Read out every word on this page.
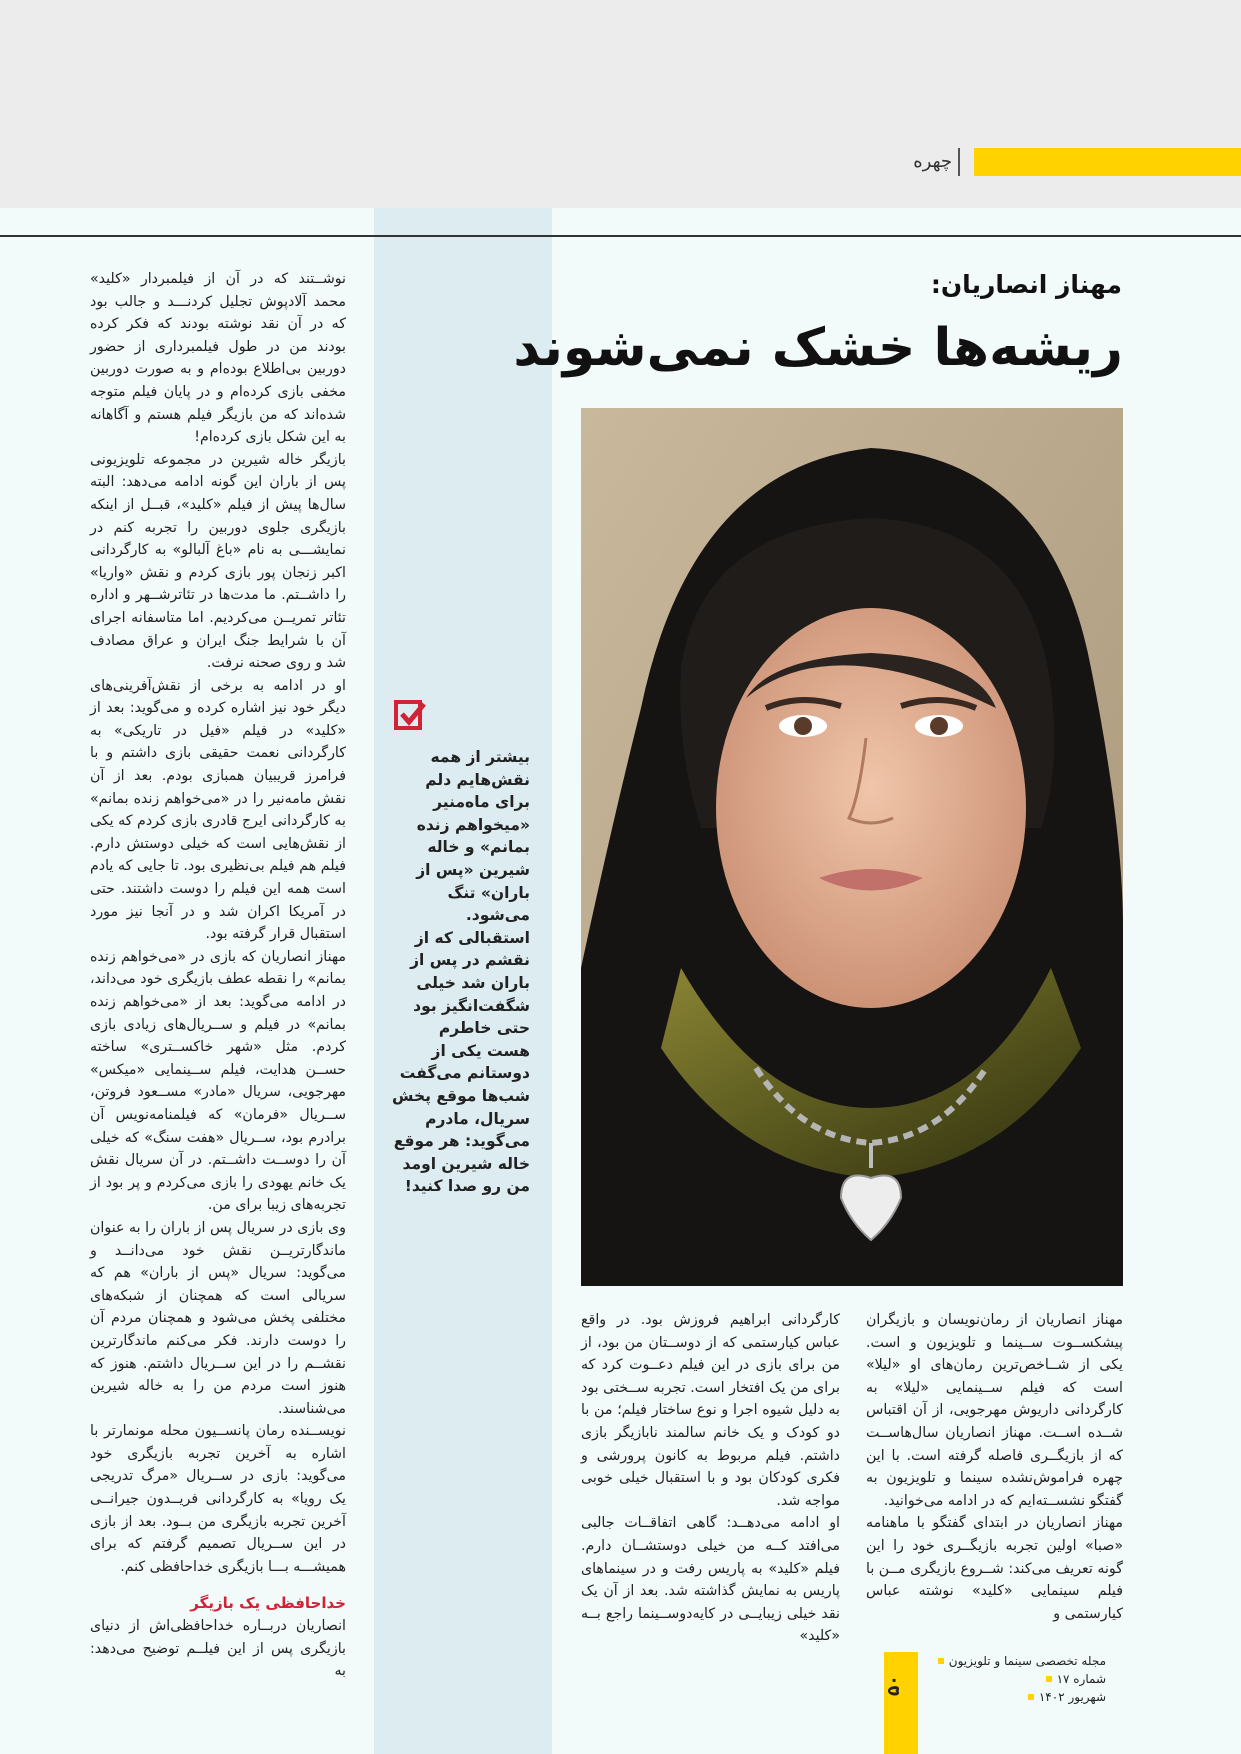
چهره
مهناز انصاریان:
ریشه‌ها خشک نمی‌شوند

نوشــتند که در آن از فیلمبردار «کلید» محمد آلادپوش تجلیل کردنـــد و جالب بود که در آن نقد نوشته بودند که فکر کرده بودند من در طول فیلمبرداری از حضور دوربین بی‌اطلاع بوده‌ام و به صورت دوربین مخفی بازی کرده‌ام و در پایان فیلم متوجه شده‌اند که من بازیگر فیلم هستم و آگاهانه به این شکل بازی کرده‌ام!

بازیگر خاله شیرین در مجموعه تلویزیونی پس از باران این گونه ادامه می‌دهد: البته سال‌ها پیش از فیلم «کلید»، قبــل از اینکه بازیگری جلوی دوربین را تجربه کنم در نمایشـــی به نام «باغ آلبالو» به کارگردانی اکبر زنجان پور بازی کردم و نقش «واریا» را داشــتم. ما مدت‌ها در تئاترشــهر و اداره تئاتر تمریــن می‌کردیم. اما متاسفانه اجرای آن با شرایط جنگ ایران و عراق مصادف شد و روی صحنه نرفت.

او در ادامه به برخی از نقش‌آفرینی‌های دیگر خود نیز اشاره کرده و می‌گوید: بعد از «کلید» در فیلم «فیل در تاریکی» به کارگردانی نعمت حقیقی بازی داشتم و با فرامرز قریبیان همبازی بودم. بعد از آن نقش مامه‌نیر را در «می‌خواهم زنده بمانم» به کارگردانی ایرج قادری بازی کردم که یکی از نقش‌هایی است که خیلی دوستش دارم. فیلم هم فیلم بی‌نظیری بود. تا جایی که یادم است همه این فیلم را دوست داشتند. حتی در آمریکا اکران شد و در آنجا نیز مورد استقبال قرار گرفته بود.

مهناز انصاریان که بازی در «می‌خواهم زنده بمانم» را نقطه عطف بازیگری خود می‌داند، در ادامه می‌گوید: بعد از «می‌خواهم زنده بمانم» در فیلم و ســریال‌های زیادی بازی کردم. مثل «شهر خاکســتری» ساخته حســن هدایت، فیلم ســینمایی «میکس» مهرجویی، سریال «مادر» مســعود فروتن، ســریال «فرمان» که فیلمنامه‌نویس آن برادرم بود، ســریال «هفت سنگ» که خیلی آن را دوســت داشــتم. در آن سریال نقش یک خانم یهودی را بازی می‌کردم و پر بود از تجربه‌های زیبا برای من.

وی بازی در سریال پس از باران را به عنوان ماندگارتریــن نقش خود می‌دانــد و می‌گوید: سریال «پس از باران» هم که سریالی است که همچنان از شبکه‌های مختلفی پخش می‌شود و همچنان مردم آن را دوست دارند. فکر می‌کنم ماندگارترین نقشــم را در این ســریال داشتم. هنوز که هنوز است مردم من را به خاله شیرین می‌شناسند.

نویســنده رمان پانســیون محله مونمارتر با اشاره به آخرین تجربه بازیگری خود می‌گوید: بازی در ســریال «مرگ تدریجی یک رویا» به کارگردانی فریــدون جیرانــی آخرین تجربه بازیگری من بــود. بعد از بازی در این ســریال تصمیم گرفتم که برای همیشـــه بـــا بازیگری خداحافظی کنم.

خداحافظی یک بازیگر

انصاریان دربــاره خداحافظی‌اش از دنیای بازیگری پس از این فیلــم توضیح می‌دهد: به

کارگردانی ابراهیم فروزش بود. در واقع عباس کیارستمی که از دوســتان من بود، از من برای بازی در این فیلم دعــوت کرد که برای من یک افتخار است. تجربه ســختی بود به دلیل شیوه اجرا و نوع ساختار فیلم؛ من با دو کودک و یک خانم سالمند نابازیگر بازی داشتم. فیلم مربوط به کانون پرورشی و فکری کودکان بود و با استقبال خیلی خوبی مواجه شد.

او ادامه می‌دهــد: گاهی اتفاقــات جالبی می‌افتد کــه من خیلی دوستشــان دارم. فیلم «کلید» به پاریس رفت و در سینماهای پاریس به نمایش گذاشته شد. بعد از آن یک نقد خیلی زیبایــی در کایه‌دوســینما راجع بــه «کلید»

مهناز انصاریان از رمان‌نویسان و بازیگران پیشکســوت ســینما و تلویزیون و است. یکی از شــاخص‌ترین رمان‌های او «لیلا» است که فیلم ســینمایی «لیلا» به کارگردانی داریوش مهرجویی، از آن اقتباس شــده اســت. مهناز انصاریان سال‌هاســت که از بازیگــری فاصله گرفته است. با این چهره فراموش‌نشده سینما و تلویزیون به گفتگو نشســته‌ایم که در ادامه می‌خوانید.

مهناز انصاریان در ابتدای گفتگو با ماهنامه «صبا» اولین تجربه بازیگــری خود را این گونه تعریف می‌کند: شــروع بازیگری مــن با فیلم سینمایی «کلید» نوشته عباس کیارستمی و

بیشتر از همه نقش‌هایم دلم برای ماه‌منیر «میخواهم زنده بمانم» و خاله شیرین «پس از باران» تنگ می‌شود. استقبالی که از نقشم در پس از باران شد خیلی شگفت‌انگیز بود حتی خاطرم هست یکی از دوستانم می‌گفت شب‌ها موقع پخش سریال، مادرم می‌گوید: هر موقع خاله شیرین اومد من رو صدا کنید!
۵۰
مجله تخصصی سینما و تلویزیون
شماره ۱۷
شهریور ۱۴۰۲
